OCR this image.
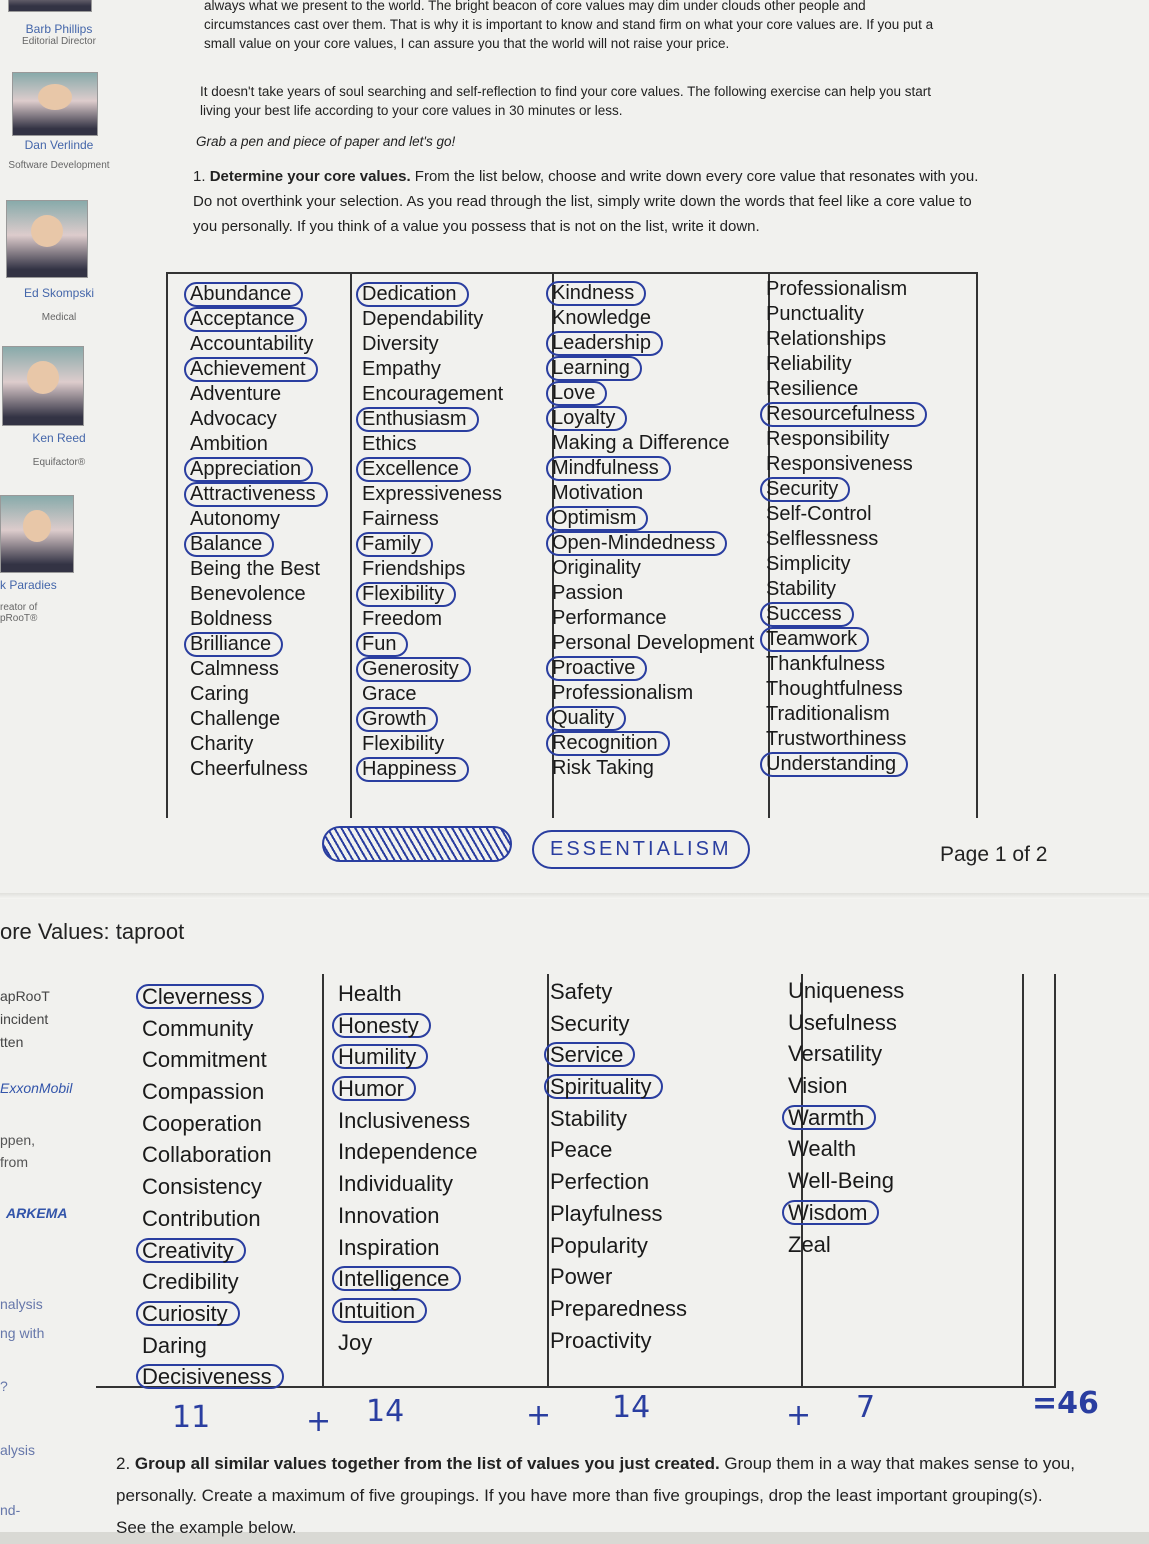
Barb Phillips
Editorial Director
Dan Verlinde
Software Development
Ed Skompski
Medical
Ken Reed
Equifactor®
k Paradies
reator of pRooT®
apRooT
incident
tten
ExxonMobil
ppen,
from
ARKEMA
nalysis
ng with
?
alysis
nd-
always what we present to the world. The bright beacon of core values may dim under clouds other people and circumstances cast over them. That is why it is important to know and stand firm on what your core values are. If you put a small value on your core values, I can assure you that the world will not raise your price.
It doesn't take years of soul searching and self-reflection to find your core values. The following exercise can help you start living your best life according to your core values in 30 minutes or less.
Grab a pen and piece of paper and let's go!
1. Determine your core values. From the list below, choose and write down every core value that resonates with you. Do not overthink your selection. As you read through the list, simply write down the words that feel like a core value to you personally. If you think of a value you possess that is not on the list, write it down.
Abundance
Acceptance
Accountability
Achievement
Adventure
Advocacy
Ambition
Appreciation
Attractiveness
Autonomy
Balance
Being the Best
Benevolence
Boldness
Brilliance
Calmness
Caring
Challenge
Charity
Cheerfulness
Dedication
Dependability
Diversity
Empathy
Encouragement
Enthusiasm
Ethics
Excellence
Expressiveness
Fairness
Family
Friendships
Flexibility
Freedom
Fun
Generosity
Grace
Growth
Flexibility
Happiness
Kindness
Knowledge
Leadership
Learning
Love
Loyalty
Making a Difference
Mindfulness
Motivation
Optimism
Open-Mindedness
Originality
Passion
Performance
Personal Development
Proactive
Professionalism
Quality
Recognition
Risk Taking
Professionalism
Punctuality
Relationships
Reliability
Resilience
Resourcefulness
Responsibility
Responsiveness
Security
Self-Control
Selflessness
Simplicity
Stability
Success
Teamwork
Thankfulness
Thoughtfulness
Traditionalism
Trustworthiness
Understanding
ESSENTIALISM	Page 1 of 2
ore Values: taproot
Cleverness
Community
Commitment
Compassion
Cooperation
Collaboration
Consistency
Contribution
Creativity
Credibility
Curiosity
Daring
Decisiveness
Health
Honesty
Humility
Humor
Inclusiveness
Independence
Individuality
Innovation
Inspiration
Intelligence
Intuition
Joy
Safety
Security
Service
Spirituality
Stability
Peace
Perfection
Playfulness
Popularity
Power
Preparedness
Proactivity
Uniqueness
Usefulness
Versatility
Vision
Warmth
Wealth
Well-Being
Wisdom
Zeal
11	+ 14	+ 14	+ 7	=46
2. Group all similar values together from the list of values you just created. Group them in a way that makes sense to you, personally. Create a maximum of five groupings. If you have more than five groupings, drop the least important grouping(s). See the example below.
